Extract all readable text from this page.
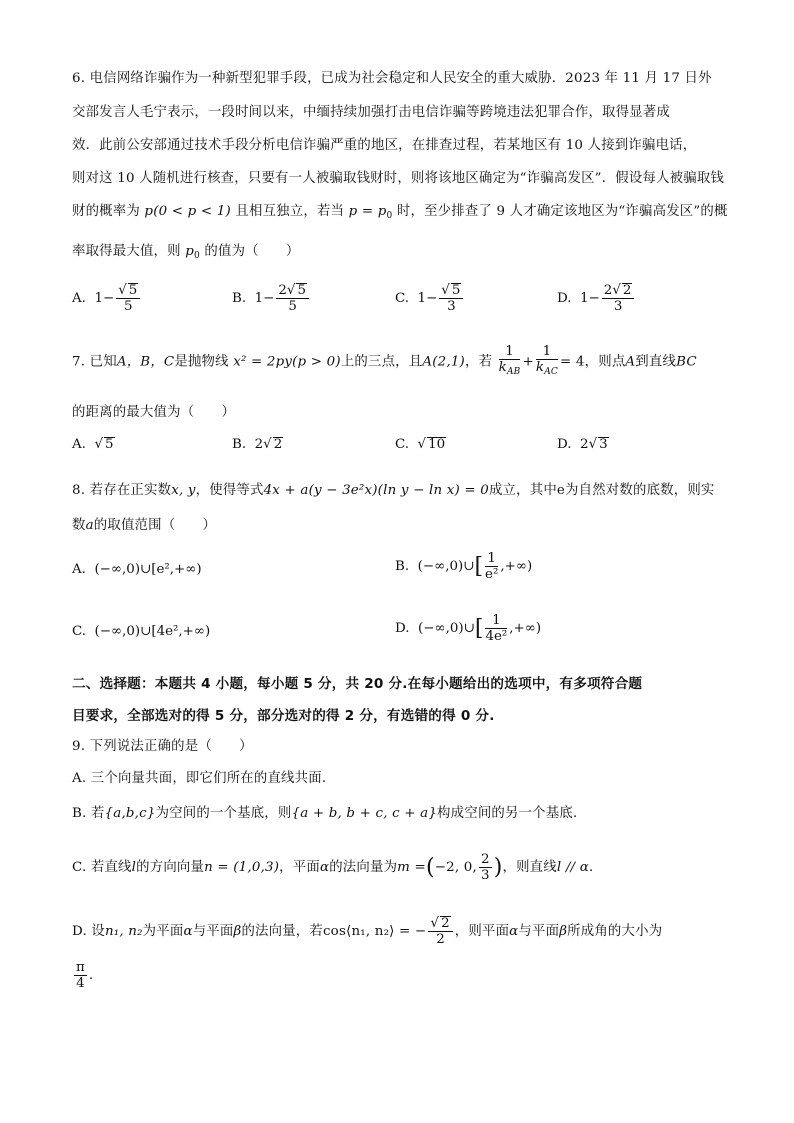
6. 电信网络诈骗作为一种新型犯罪手段，已成为社会稳定和人民安全的重大威胁．2023 年 11 月 17 日外
交部发言人毛宁表示，一段时间以来，中缅持续加强打击电信诈骗等跨境违法犯罪合作，取得显著成
效．此前公安部通过技术手段分析电信诈骗严重的地区，在排查过程，若某地区有 10 人接到诈骗电话，
则对这 10 人随机进行核查，只要有一人被骗取钱财时，则将该地区确定为“诈骗高发区”．假设每人被骗取钱
财的概率为 p(0 < p < 1) 且相互独立，若当 $p = p_0$ 时，至少排查了 9 人才确定该地区为“诈骗高发区”的概
率取得最大值，则 $p_0$ 的值为（　　）
A. $1- \frac{√ 5}{5}$	B. $1- \frac{2√ 5}{5}$	C. $1- \frac{√ 5}{3}$	D. $1- \frac{2√ 2}{3}$
7. 已知A，B，C是抛物线 x² = 2py(p > 0)上的三点，且A(2,1)，若 $\frac{1}{k_{AB}} + \frac{1}{k_{AC}} = 4$，则点A到直线BC
的距离的最大值为（　　）
A. √ 5	B. 2√ 2	C. √ 10	D. 2√ 3
8. 若存在正实数x, y，使得等式4x + a(y − 3e²x)(ln y − ln x) = 0成立，其中e为自然对数的底数，则实
数a的取值范围（　　）
A. (−∞,0)∪[e²,+∞)	B. (−∞,0)∪[ $\frac{1}{\text{e²}}$ ,+∞)
C. (−∞,0)∪[4e²,+∞)	D. (−∞,0)∪[ $\frac{1}{\text{4e²}}$ ,+∞)
二、选择题：本题共 4 小题，每小题 5 分，共 20 分.在每小题给出的选项中，有多项符合题
目要求，全部选对的得 5 分，部分选对的得 2 分，有选错的得 0 分.
9. 下列说法正确的是（　　）
A. 三个向量共面，即它们所在的直线共面．
B. 若{a,b,c}为空间的一个基底，则{a + b, b + c, c + a}构成空间的另一个基底．
C. 若直线l的方向向量n = (1,0,3)，平面α的法向量为m =(−2, 0, $\frac{2}{3}$ )，则直线l // α．
D. 设n₁, n₂为平面α与平面β的法向量，若cos⟨n₁, n₂⟩ = − $\frac{√ 2}{2}$ ，则平面α与平面β所成角的大小为
$\frac{\pi}{4}$ .
